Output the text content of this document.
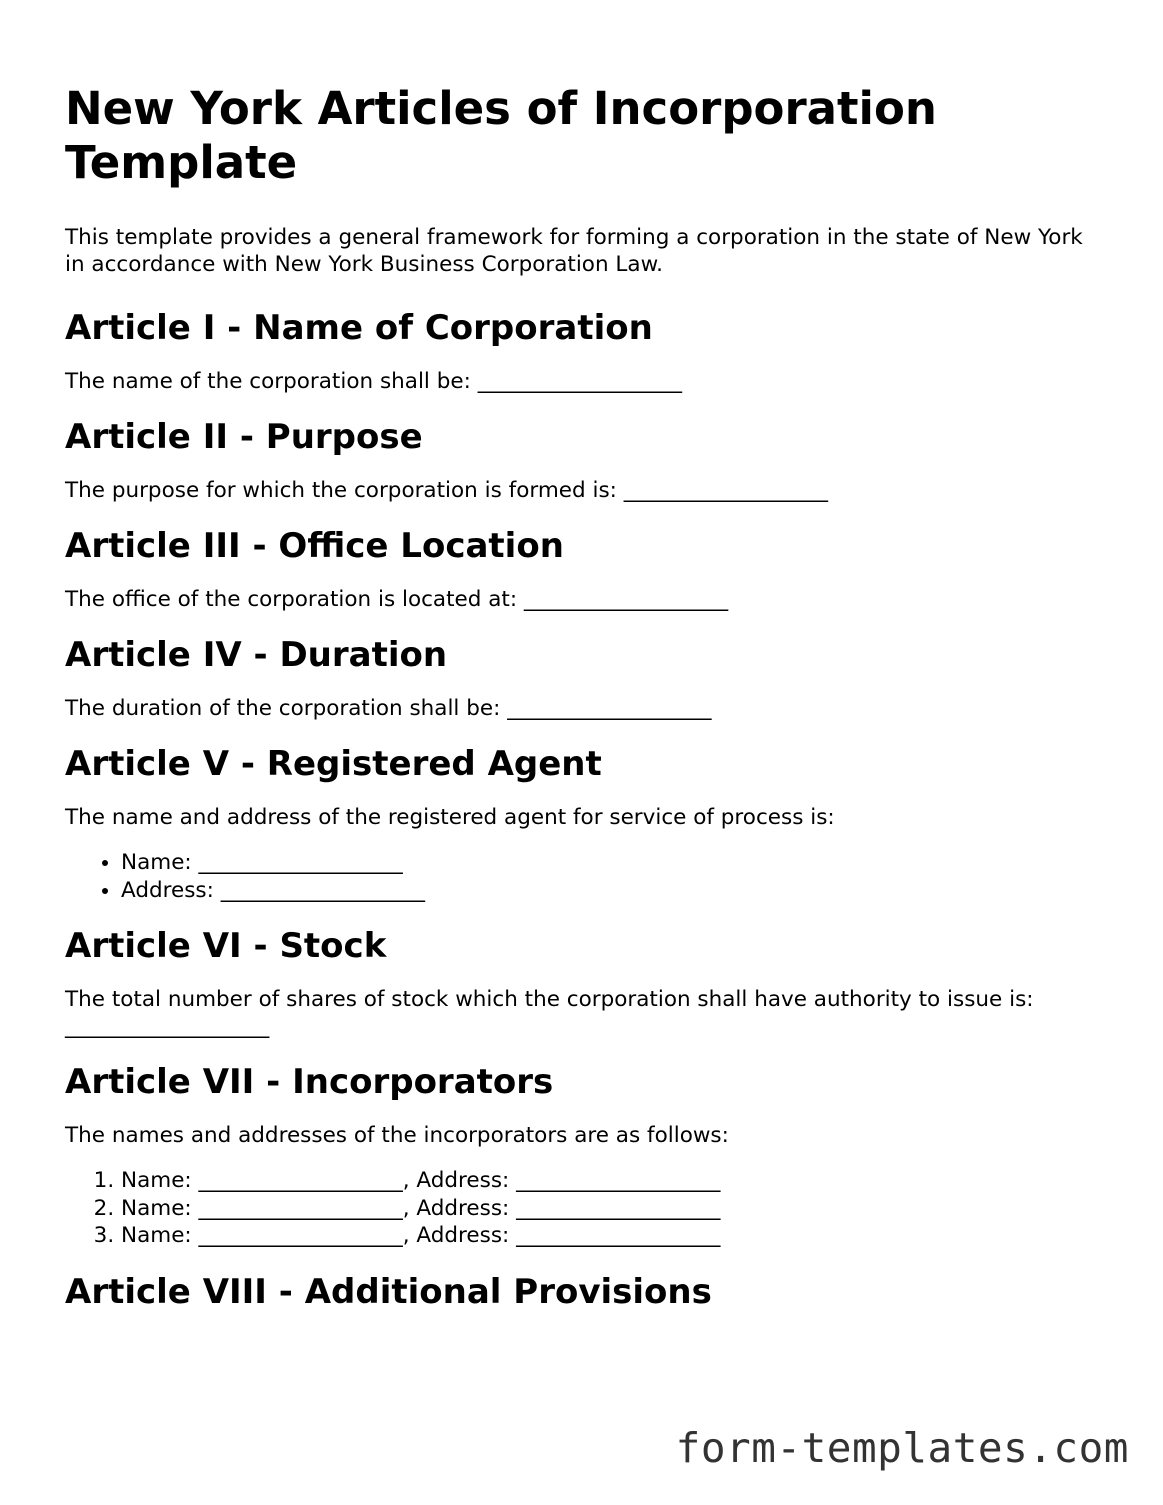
New York Articles of Incorporation Template

This template provides a general framework for forming a corporation in the state of New York in accordance with New York Business Corporation Law.

Article I - Name of Corporation

The name of the corporation shall be: ___________________

Article II - Purpose

The purpose for which the corporation is formed is: ___________________

Article III - Office Location

The office of the corporation is located at: ___________________

Article IV - Duration

The duration of the corporation shall be: ___________________

Article V - Registered Agent

The name and address of the registered agent for service of process is:

• Name: ___________________
• Address: ___________________
Article VI - Stock

The total number of shares of stock which the corporation shall have authority to issue is: ___________________

Article VII - Incorporators

The names and addresses of the incorporators are as follows:

1. Name: ___________________, Address: ___________________
2. Name: ___________________, Address: ___________________
3. Name: ___________________, Address: ___________________
Article VIII - Additional Provisions
form-templates.com
